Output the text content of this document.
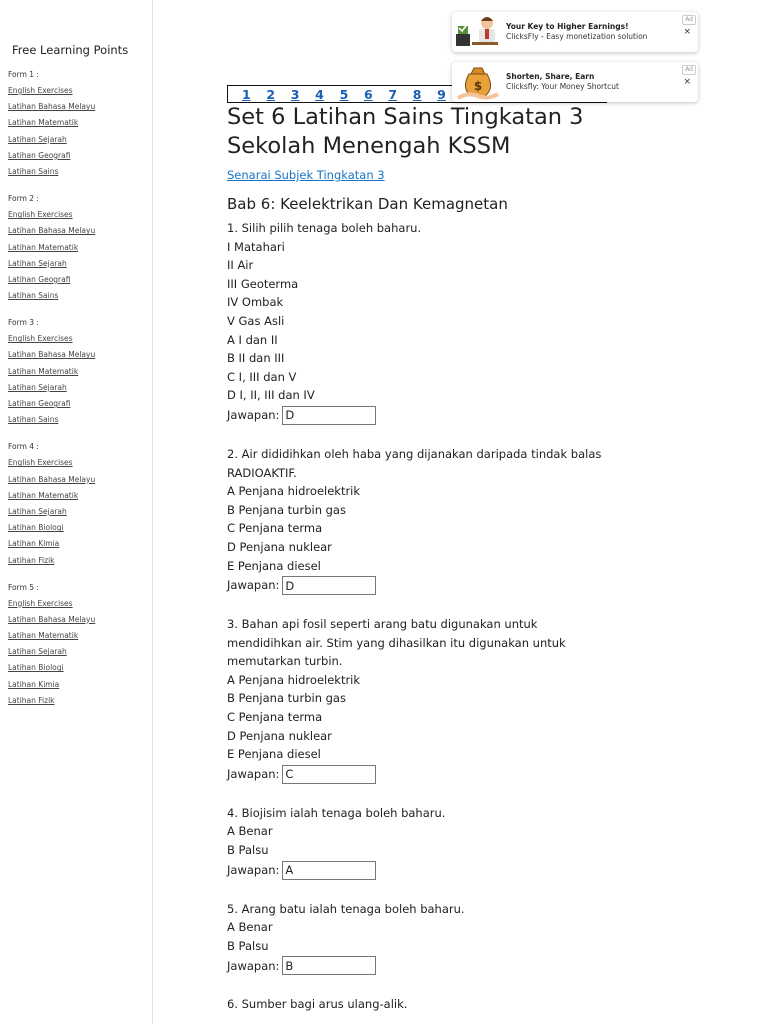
Free Learning Points
Form 1 :
English Exercises
Latihan Bahasa Melayu
Latihan Matematik
Latihan Sejarah
Latihan Geografi
Latihan Sains
Form 2 :
English Exercises
Latihan Bahasa Melayu
Latihan Matematik
Latihan Sejarah
Latihan Geografi
Latihan Sains
Form 3 :
English Exercises
Latihan Bahasa Melayu
Latihan Matematik
Latihan Sejarah
Latihan Geografi
Latihan Sains
Form 4 :
English Exercises
Latihan Bahasa Melayu
Latihan Matematik
Latihan Sejarah
Latihan Biologi
Latihan Kimia
Latihan Fizik
Form 5 :
English Exercises
Latihan Bahasa Melayu
Latihan Matematik
Latihan Sejarah
Latihan Biologi
Latihan Kimia
Latihan Fizik
1	2	3	4	5	6	7	8	9
Set 6 Latihan Sains Tingkatan 3 Sekolah Menengah KSSM
Senarai Subjek Tingkatan 3
Bab 6: Keelektrikan Dan Kemagnetan
1. Silih pilih tenaga boleh baharu.
I Matahari
II Air
III Geoterma
IV Ombak
V Gas Asli
A I dan II
B II dan III
C I, III dan V
D I, II, III dan IV
Jawapan:
D
2. Air dididihkan oleh haba yang dijanakan daripada tindak balas
RADIOAKTIF.
A Penjana hidroelektrik
B Penjana turbin gas
C Penjana terma
D Penjana nuklear
E Penjana diesel
Jawapan:
D
3. Bahan api fosil seperti arang batu digunakan untuk
mendidihkan air. Stim yang dihasilkan itu digunakan untuk
memutarkan turbin.
A Penjana hidroelektrik
B Penjana turbin gas
C Penjana terma
D Penjana nuklear
E Penjana diesel
Jawapan:
C
4. Biojisim ialah tenaga boleh baharu.
A Benar
B Palsu
Jawapan:
A
5. Arang batu ialah tenaga boleh baharu.
A Benar
B Palsu
Jawapan:
B
6. Sumber bagi arus ulang-alik.
Your Key to Higher Earnings!
ClicksFly - Easy monetization solution
Ad
×
$
Shorten, Share, Earn
Clicksfly: Your Money Shortcut
Ad
×
